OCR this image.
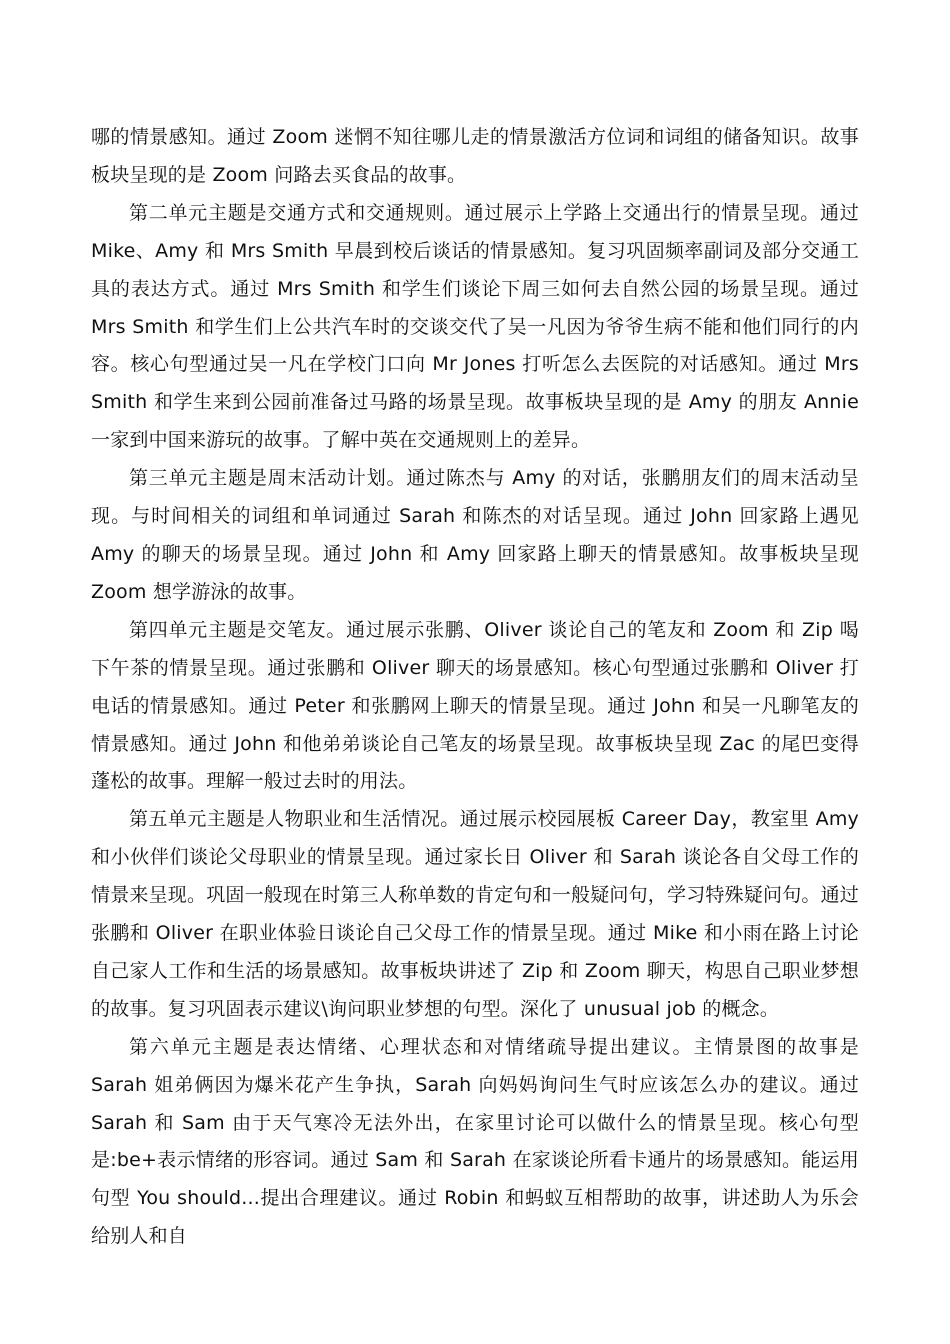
哪的情景感知。通过 Zoom 迷惘不知往哪儿走的情景激活方位词和词组的储备知识。故事板块呈现的是 Zoom 问路去买食品的故事。

第二单元主题是交通方式和交通规则。通过展示上学路上交通出行的情景呈现。通过 Mike、Amy 和 Mrs Smith 早晨到校后谈话的情景感知。复习巩固频率副词及部分交通工具的表达方式。通过 Mrs Smith 和学生们谈论下周三如何去自然公园的场景呈现。通过 Mrs Smith 和学生们上公共汽车时的交谈交代了吴一凡因为爷爷生病不能和他们同行的内容。核心句型通过吴一凡在学校门口向 Mr Jones 打听怎么去医院的对话感知。通过 Mrs Smith 和学生来到公园前准备过马路的场景呈现。故事板块呈现的是 Amy 的朋友 Annie 一家到中国来游玩的故事。了解中英在交通规则上的差异。

第三单元主题是周末活动计划。通过陈杰与 Amy 的对话，张鹏朋友们的周末活动呈现。与时间相关的词组和单词通过 Sarah 和陈杰的对话呈现。通过 John 回家路上遇见 Amy 的聊天的场景呈现。通过 John 和 Amy 回家路上聊天的情景感知。故事板块呈现 Zoom 想学游泳的故事。

第四单元主题是交笔友。通过展示张鹏、Oliver 谈论自己的笔友和 Zoom 和 Zip 喝下午茶的情景呈现。通过张鹏和 Oliver 聊天的场景感知。核心句型通过张鹏和 Oliver 打电话的情景感知。通过 Peter 和张鹏网上聊天的情景呈现。通过 John 和吴一凡聊笔友的情景感知。通过 John 和他弟弟谈论自己笔友的场景呈现。故事板块呈现 Zac 的尾巴变得蓬松的故事。理解一般过去时的用法。

第五单元主题是人物职业和生活情况。通过展示校园展板 Career Day，教室里 Amy 和小伙伴们谈论父母职业的情景呈现。通过家长日 Oliver 和 Sarah 谈论各自父母工作的情景来呈现。巩固一般现在时第三人称单数的肯定句和一般疑问句，学习特殊疑问句。通过张鹏和 Oliver 在职业体验日谈论自己父母工作的情景呈现。通过 Mike 和小雨在路上讨论自己家人工作和生活的场景感知。故事板块讲述了 Zip 和 Zoom 聊天，构思自己职业梦想的故事。复习巩固表示建议\询问职业梦想的句型。深化了 unusual job 的概念。

第六单元主题是表达情绪、心理状态和对情绪疏导提出建议。主情景图的故事是 Sarah 姐弟俩因为爆米花产生争执，Sarah 向妈妈询问生气时应该怎么办的建议。通过 Sarah 和 Sam 由于天气寒冷无法外出，在家里讨论可以做什么的情景呈现。核心句型是:be+表示情绪的形容词。通过 Sam 和 Sarah 在家谈论所看卡通片的场景感知。能运用句型 You should...提出合理建议。通过 Robin 和蚂蚁互相帮助的故事，讲述助人为乐会给别人和自
